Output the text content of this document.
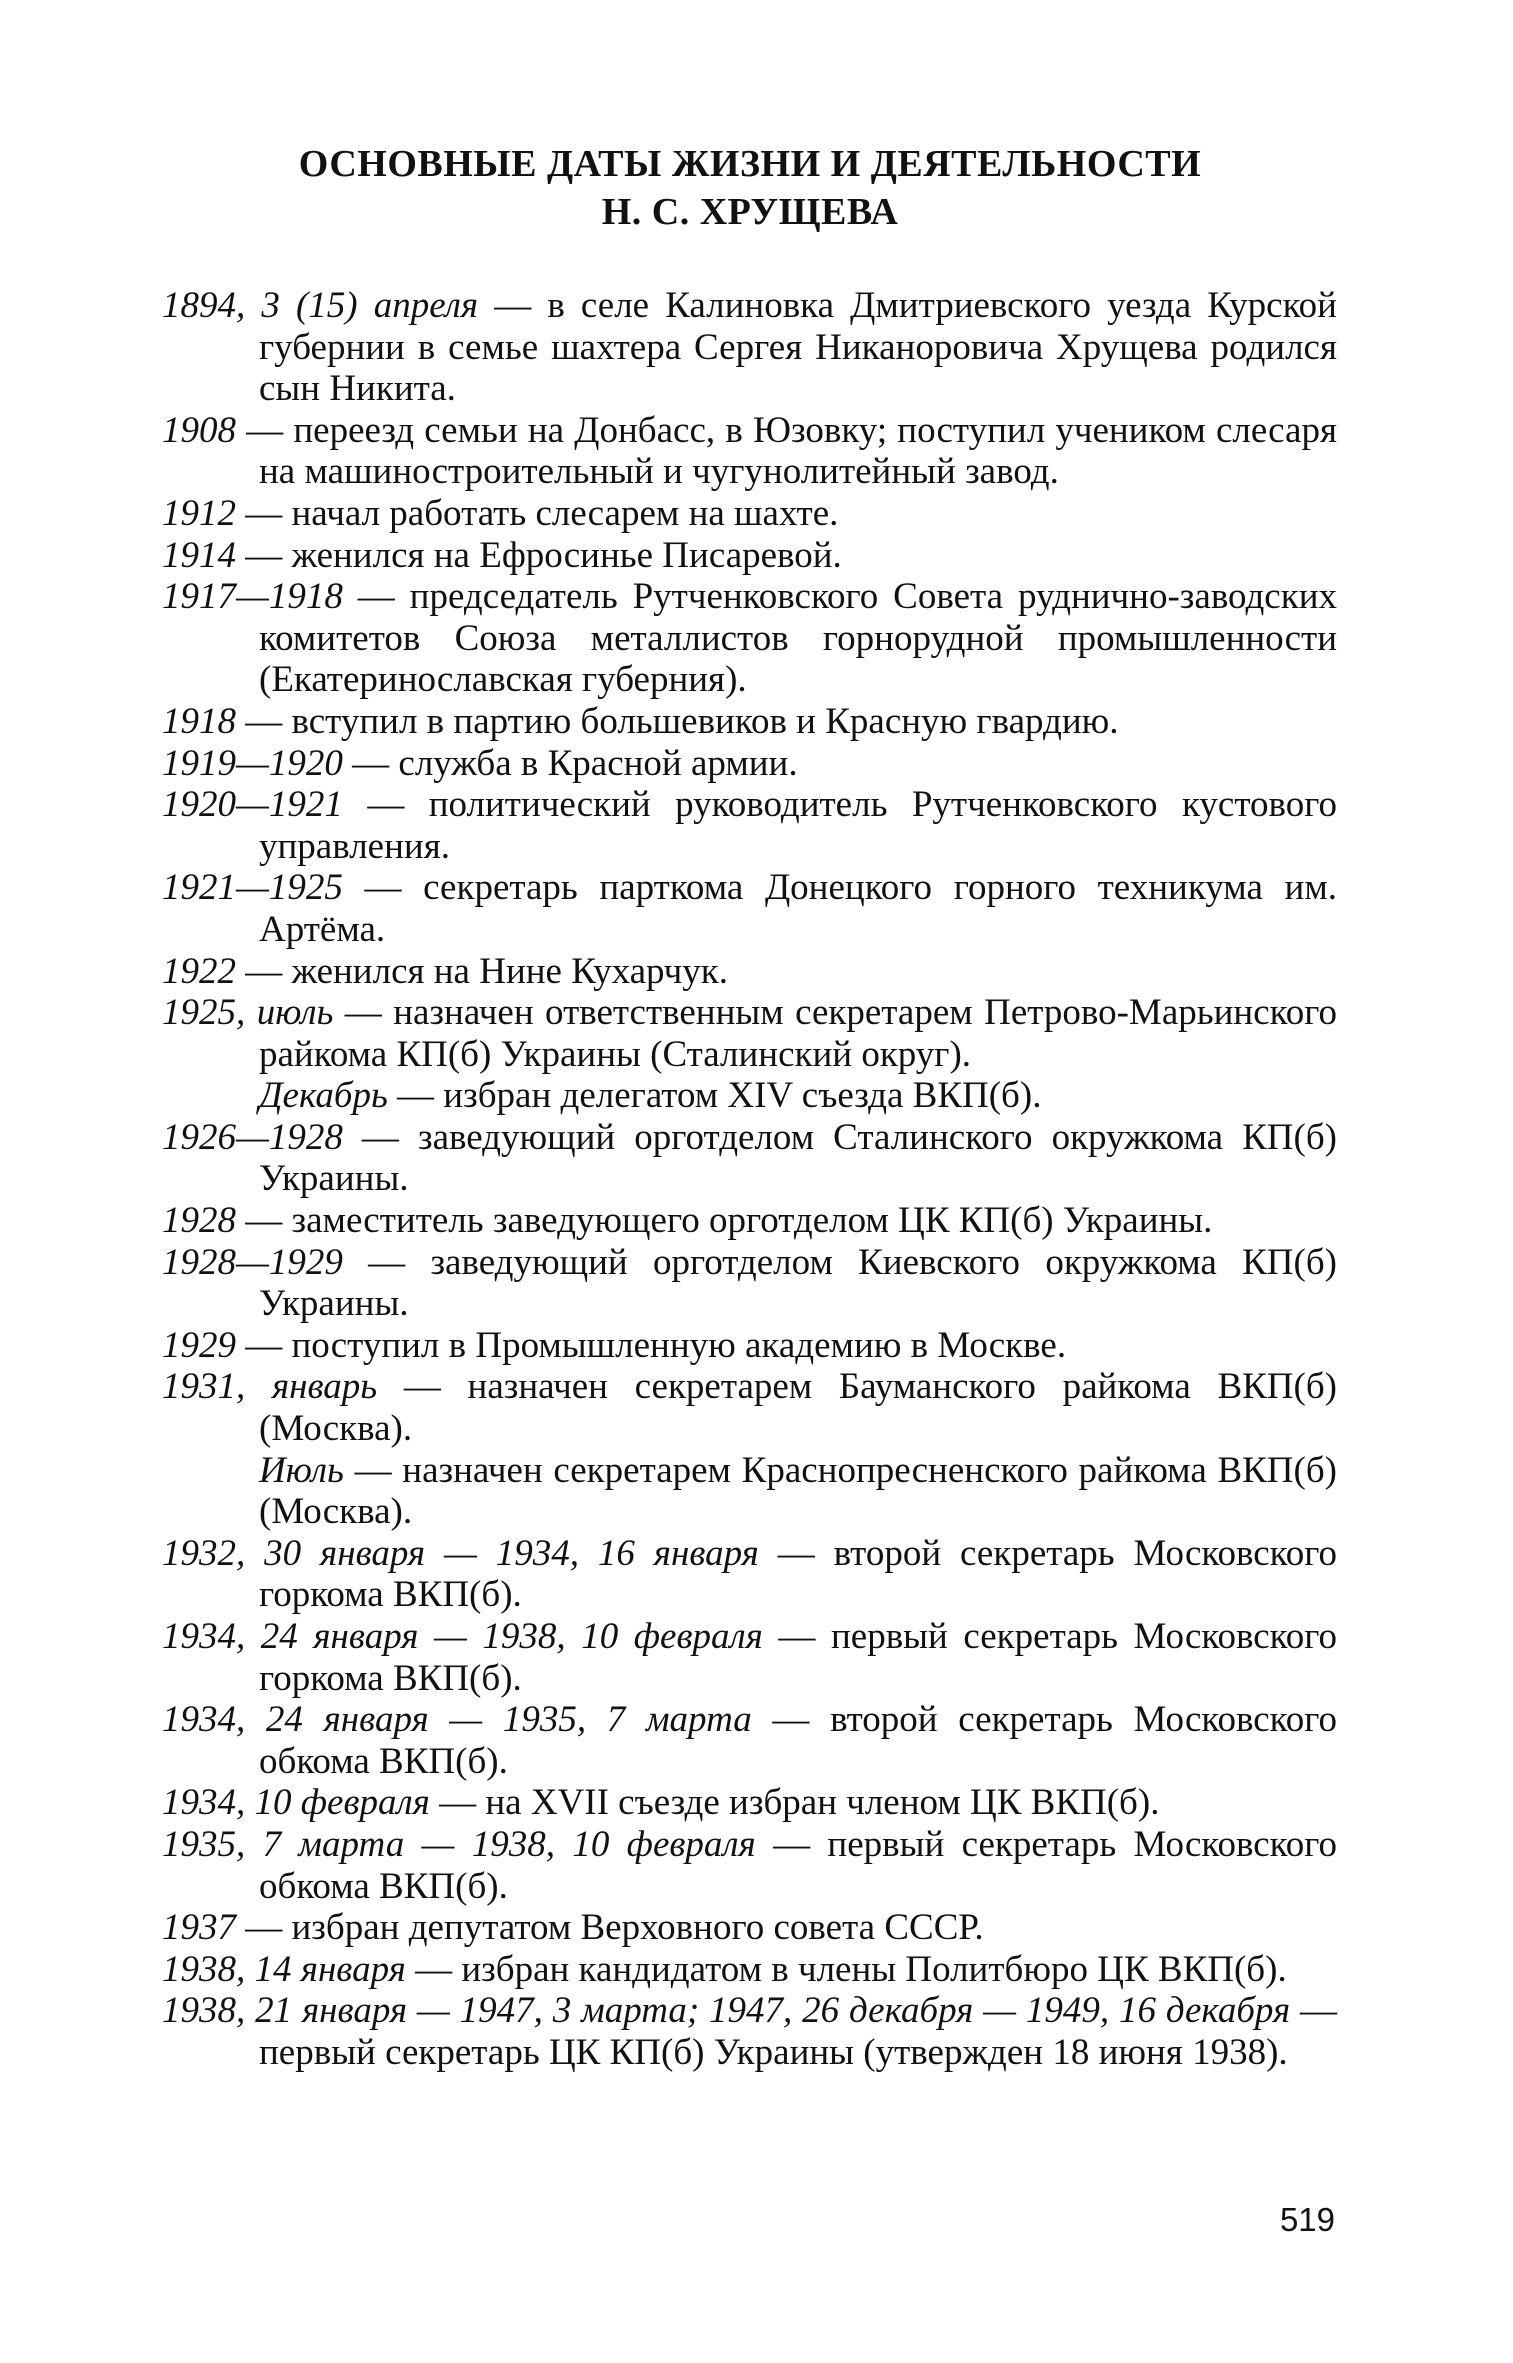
ОСНОВНЫЕ ДАТЫ ЖИЗНИ И ДЕЯТЕЛЬНОСТИ
Н. С. ХРУЩЕВА

1894, 3 (15) апреля — в селе Калиновка Дмитриевского уезда Курской губернии в семье шахтера Сергея Никаноровича Хрущева родился сын Никита.

1908 — переезд семьи на Донбасс, в Юзовку; поступил учеником слесаря на машиностроительный и чугунолитейный завод.

1912 — начал работать слесарем на шахте.

1914 — женился на Ефросинье Писаревой.

1917—1918 — председатель Рутченковского Совета руднично-заводских комитетов Союза металлистов горнорудной промышленности (Екатеринославская губерния).

1918 — вступил в партию большевиков и Красную гвардию.

1919—1920 — служба в Красной армии.

1920—1921 — политический руководитель Рутченковского кустового управления.

1921—1925 — секретарь парткома Донецкого горного техникума им. Артёма.

1922 — женился на Нине Кухарчук.

1925, июль — назначен ответственным секретарем Петрово-Марьинского райкома КП(б) Украины (Сталинский округ).

Декабрь — избран делегатом XIV съезда ВКП(б).

1926—1928 — заведующий орготделом Сталинского окружкома КП(б) Украины.

1928 — заместитель заведующего орготделом ЦК КП(б) Украины.

1928—1929 — заведующий орготделом Киевского окружкома КП(б) Украины.

1929 — поступил в Промышленную академию в Москве.

1931, январь — назначен секретарем Бауманского райкома ВКП(б) (Москва).

Июль — назначен секретарем Краснопресненского райкома ВКП(б) (Москва).

1932, 30 января — 1934, 16 января — второй секретарь Московского горкома ВКП(б).

1934, 24 января — 1938, 10 февраля — первый секретарь Московского горкома ВКП(б).

1934, 24 января — 1935, 7 марта — второй секретарь Московского обкома ВКП(б).

1934, 10 февраля — на XVII съезде избран членом ЦК ВКП(б).

1935, 7 марта — 1938, 10 февраля — первый секретарь Московского обкома ВКП(б).

1937 — избран депутатом Верховного совета СССР.

1938, 14 января — избран кандидатом в члены Политбюро ЦК ВКП(б).

1938, 21 января — 1947, 3 марта; 1947, 26 декабря — 1949, 16 декабря — первый секретарь ЦК КП(б) Украины (утвержден 18 июня 1938).

519
